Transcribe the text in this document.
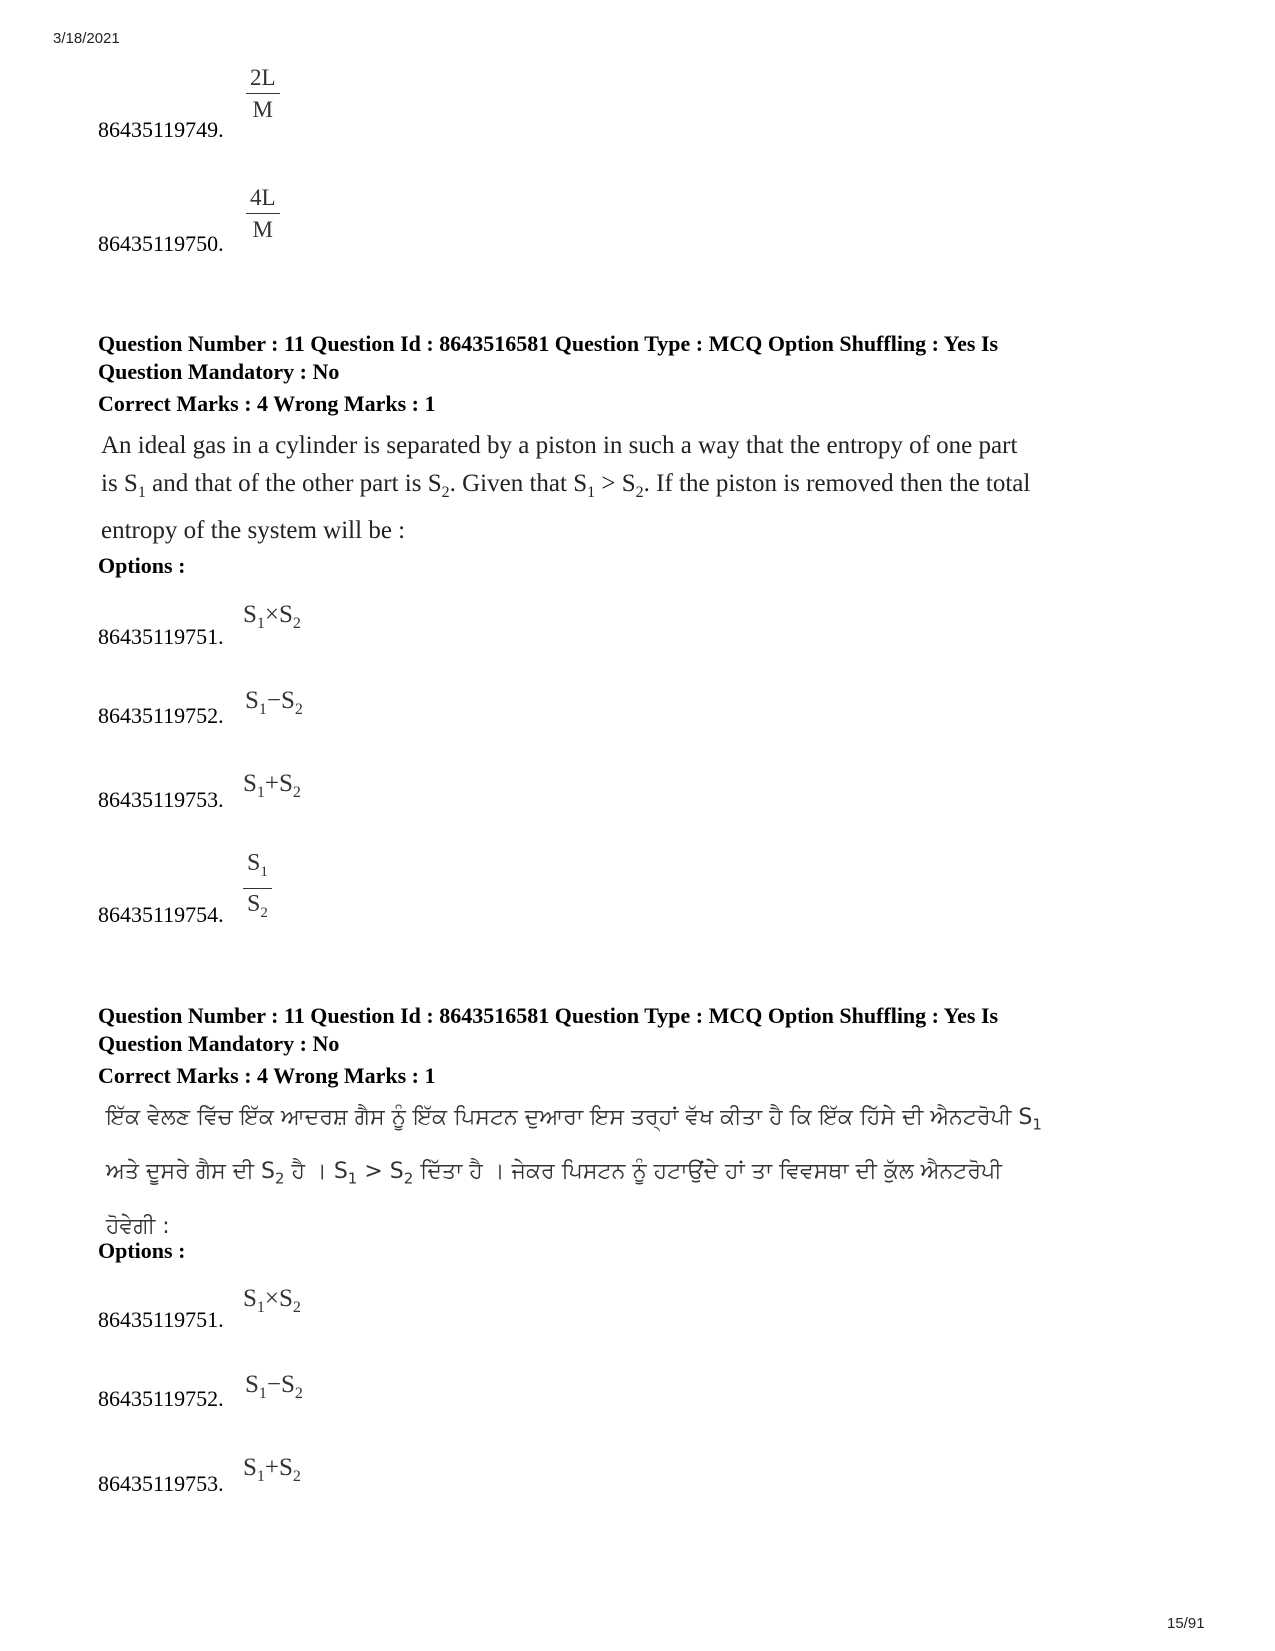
3/18/2021
$\frac{2L}{M}$
86435119749.
$\frac{4L}{M}$
86435119750.
Question Number : 11 Question Id : 8643516581 Question Type : MCQ Option Shuffling : Yes Is
Question Mandatory : No
Correct Marks : 4 Wrong Marks : 1
An ideal gas in a cylinder is separated by a piston in such a way that the entropy of one part
is $S_1$ and that of the other part is $S_2$. Given that $S_1 > S_2$. If the piston is removed then the total
entropy of the system will be :
Options :
$S_1\times S_2$
86435119751.
$S_1-S_2$
86435119752.
$S_1+S_2$
86435119753.
$\frac{S_1}{S_2}$
86435119754.
Question Number : 11 Question Id : 8643516581 Question Type : MCQ Option Shuffling : Yes Is
Question Mandatory : No
Correct Marks : 4 Wrong Marks : 1
ਇੱਕ ਵੇਲਣ ਵਿੱਚ ਇੱਕ ਆਦਰਸ਼ ਗੈਸ ਨੂੰ ਇੱਕ ਪਿਸਟਨ ਦੁਆਰਾ ਇਸ ਤਰ੍ਹਾਂ ਵੱਖ ਕੀਤਾ ਹੈ ਕਿ ਇੱਕ ਹਿੱਸੇ ਦੀ ਐਨਟਰੋਪੀ $S_1$
ਅਤੇ ਦੂਸਰੇ ਗੈਸ ਦੀ $S_2$ ਹੈ । $S_1 > S_2$ ਦਿੱਤਾ ਹੈ । ਜੇਕਰ ਪਿਸਟਨ ਨੂੰ ਹਟਾਉਂਦੇ ਹਾਂ ਤਾ ਵਿਵਸਥਾ ਦੀ ਕੁੱਲ ਐਨਟਰੋਪੀ
ਹੋਵੇਗੀ :
Options :
$S_1\times S_2$
86435119751.
$S_1-S_2$
86435119752.
$S_1+S_2$
86435119753.
15/91
